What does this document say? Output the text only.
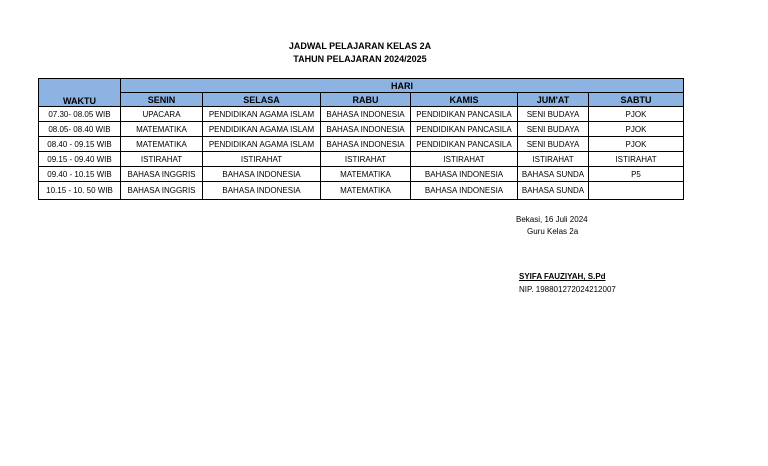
JADWAL PELAJARAN KELAS 2A
TAHUN PELAJARAN 2024/2025
WAKTU	HARI					
	SENIN	SELASA	RABU	KAMIS	JUM'AT	SABTU
07.30- 08.05 WIB	UPACARA	PENDIDIKAN AGAMA ISLAM	BAHASA INDONESIA	PENDIDIKAN PANCASILA	SENI BUDAYA	PJOK
08.05- 08.40 WIB	MATEMATIKA	PENDIDIKAN AGAMA ISLAM	BAHASA INDONESIA	PENDIDIKAN PANCASILA	SENI BUDAYA	PJOK
08.40 - 09.15 WIB	MATEMATIKA	PENDIDIKAN AGAMA ISLAM	BAHASA INDONESIA	PENDIDIKAN PANCASILA	SENI BUDAYA	PJOK
09.15 - 09.40 WIB	ISTIRAHAT	ISTIRAHAT	ISTIRAHAT	ISTIRAHAT	ISTIRAHAT	ISTIRAHAT
09.40 - 10.15 WIB	BAHASA INGGRIS	BAHASA INDONESIA	MATEMATIKA	BAHASA INDONESIA	BAHASA SUNDA	P5
10.15 - 10. 50 WIB	BAHASA INGGRIS	BAHASA INDONESIA	MATEMATIKA	BAHASA INDONESIA	BAHASA SUNDA	
Bekasi, 16 Juli 2024
Guru Kelas 2a
SYIFA FAUZIYAH, S.Pd
NIP. 198801272024212007
